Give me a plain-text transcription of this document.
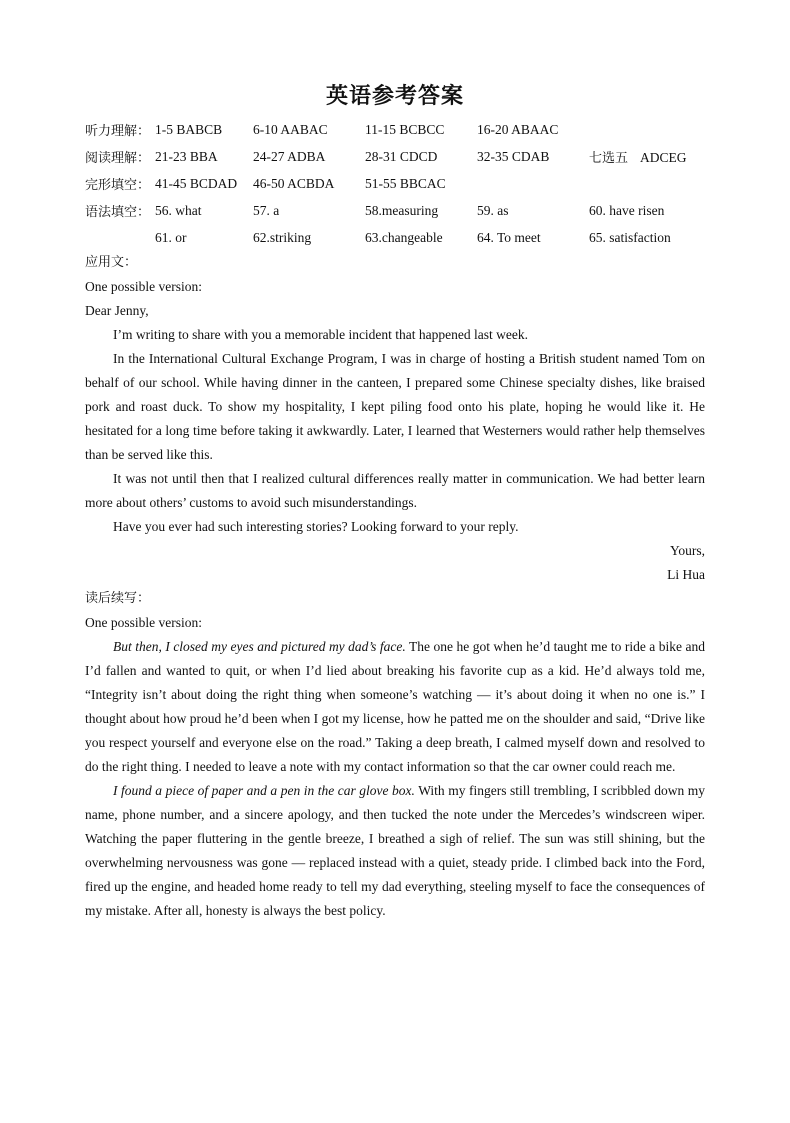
英语参考答案
听力理解： 1-5 BABCB	6-10 AABAC	11-15 BCBCC	16-20 ABAAC
阅读理解： 21-23 BBA	24-27 ADBA	28-31 CDCD	32-35 CDAB	七选五 ADCEG
完形填空： 41-45 BCDAD	46-50 ACBDA	51-55 BBCAC
语法填空： 56. what	57. a	58.measuring	59. as	60. have risen
61. or	62.striking	63.changeable	64. To meet	65. satisfaction
应用文：
One possible version:
Dear Jenny,

I’m writing to share with you a memorable incident that happened last week.

In the International Cultural Exchange Program, I was in charge of hosting a British student named Tom on behalf of our school. While having dinner in the canteen, I prepared some Chinese specialty dishes, like braised pork and roast duck. To show my hospitality, I kept piling food onto his plate, hoping he would like it. He hesitated for a long time before taking it awkwardly. Later, I learned that Westerners would rather help themselves than be served like this.

It was not until then that I realized cultural differences really matter in communication. We had better learn more about others’ customs to avoid such misunderstandings.

Have you ever had such interesting stories? Looking forward to your reply.

Yours,
Li Hua
读后续写：
One possible version:

But then, I closed my eyes and pictured my dad’s face. The one he got when he’d taught me to ride a bike and I’d fallen and wanted to quit, or when I’d lied about breaking his favorite cup as a kid. He’d always told me, “Integrity isn’t about doing the right thing when someone’s watching — it’s about doing it when no one is.” I thought about how proud he’d been when I got my license, how he patted me on the shoulder and said, “Drive like you respect yourself and everyone else on the road.” Taking a deep breath, I calmed myself down and resolved to do the right thing. I needed to leave a note with my contact information so that the car owner could reach me.

I found a piece of paper and a pen in the car glove box. With my fingers still trembling, I scribbled down my name, phone number, and a sincere apology, and then tucked the note under the Mercedes’s windscreen wiper. Watching the paper fluttering in the gentle breeze, I breathed a sigh of relief. The sun was still shining, but the overwhelming nervousness was gone — replaced instead with a quiet, steady pride. I climbed back into the Ford, fired up the engine, and headed home ready to tell my dad everything, steeling myself to face the consequences of my mistake. After all, honesty is always the best policy.
